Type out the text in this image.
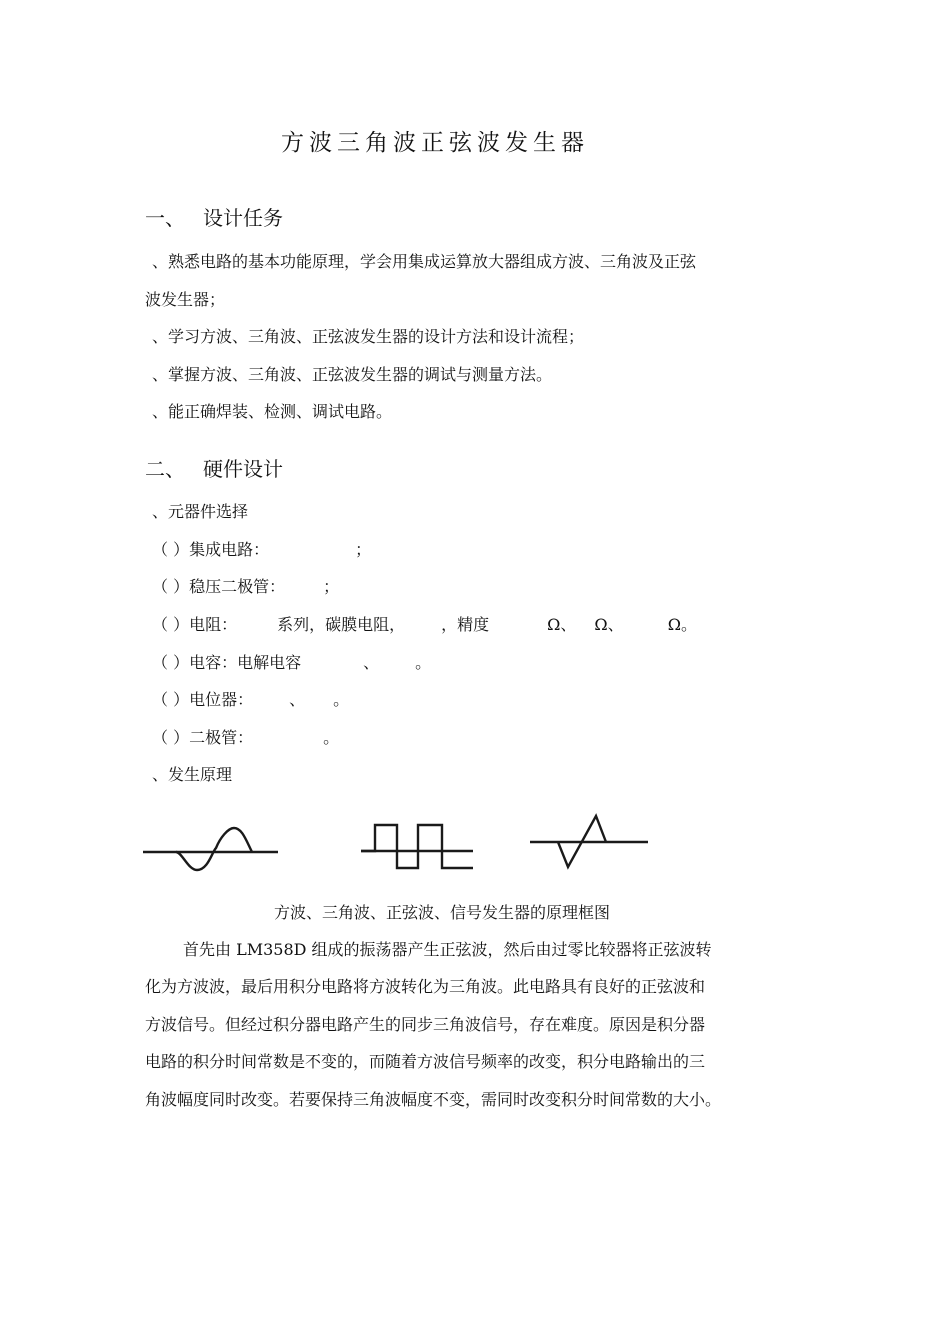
方波三角波正弦波发生器
一、 设计任务
、熟悉电路的基本功能原理，学会用集成运算放大器组成方波、三角波及正弦
波发生器；
、学习方波、三角波、正弦波发生器的设计方法和设计流程；
、掌握方波、三角波、正弦波发生器的调试与测量方法。
、能正确焊装、检测、调试电路。
二、 硬件设计
、元器件选择
（ ）集成电路：	；
（ ）稳压二极管： ；
（ ）电阻：	系列，碳膜电阻， ，精度	Ω、 Ω、	Ω。
（ ）电容：电解电容	、 。
（ ）电位器： 、 。
（ ）二极管：	。
、发生原理
方波、三角波、正弦波、信号发生器的原理框图
首先由 LM358D 组成的振荡器产生正弦波，然后由过零比较器将正弦波转
化为方波波，最后用积分电路将方波转化为三角波。此电路具有良好的正弦波和
方波信号。但经过积分器电路产生的同步三角波信号，存在难度。原因是积分器
电路的积分时间常数是不变的，而随着方波信号频率的改变，积分电路输出的三
角波幅度同时改变。若要保持三角波幅度不变，需同时改变积分时间常数的大小。
